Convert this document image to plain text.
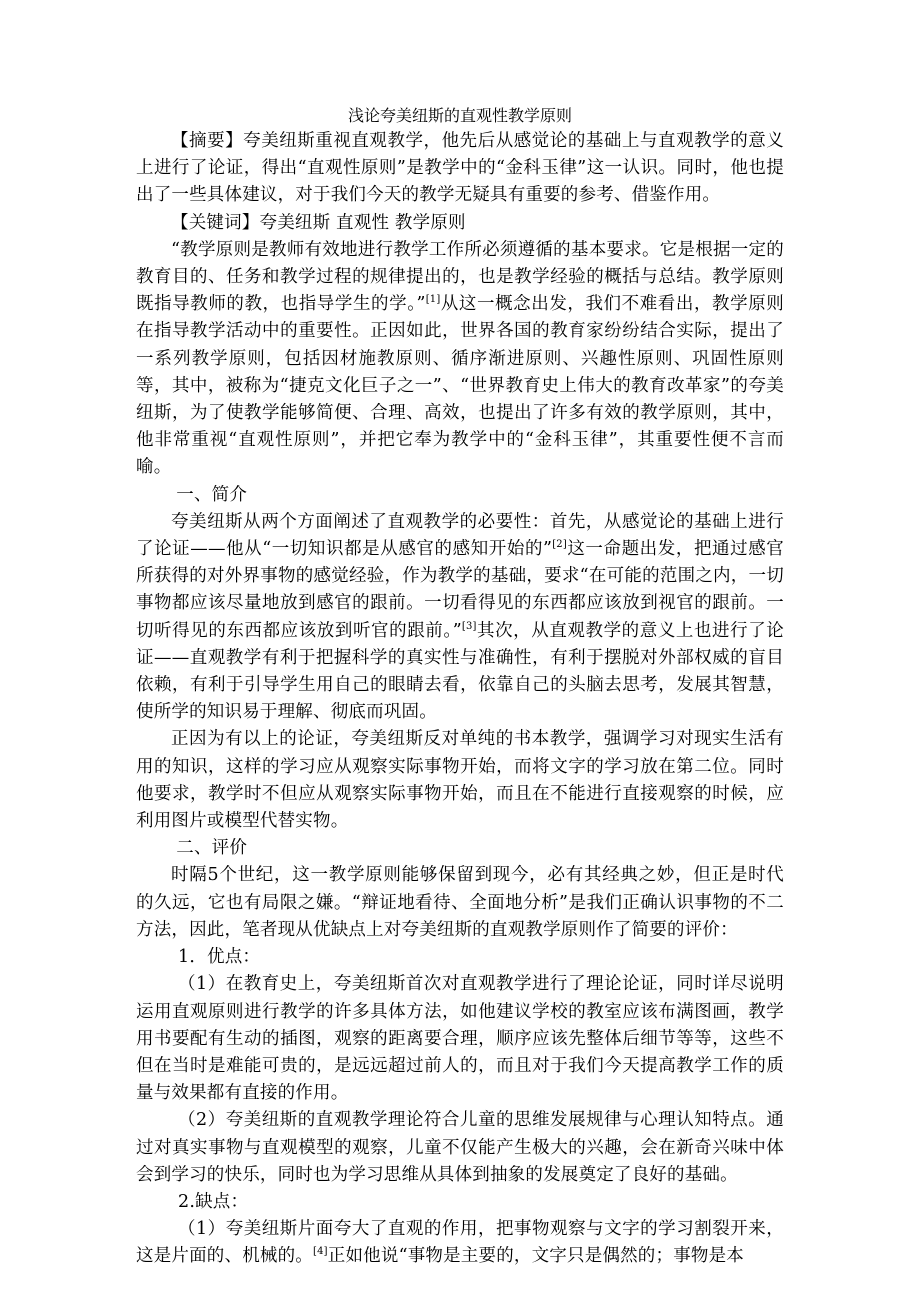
浅论夸美纽斯的直观性教学原则

【摘要】夸美纽斯重视直观教学，他先后从感觉论的基础上与直观教学的意义上进行了论证，得出“直观性原则”是教学中的“金科玉律”这一认识。同时，他也提出了一些具体建议，对于我们今天的教学无疑具有重要的参考、借鉴作用。

【关键词】夸美纽斯 直观性 教学原则

“教学原则是教师有效地进行教学工作所必须遵循的基本要求。它是根据一定的教育目的、任务和教学过程的规律提出的，也是教学经验的概括与总结。教学原则既指导教师的教，也指导学生的学。”[1]从这一概念出发，我们不难看出，教学原则在指导教学活动中的重要性。正因如此，世界各国的教育家纷纷结合实际，提出了一系列教学原则，包括因材施教原则、循序渐进原则、兴趣性原则、巩固性原则等，其中，被称为“捷克文化巨子之一”、“世界教育史上伟大的教育改革家”的夸美纽斯，为了使教学能够简便、合理、高效，也提出了许多有效的教学原则，其中，他非常重视“直观性原则”，并把它奉为教学中的“金科玉律”，其重要性便不言而喻。

一、简介

夸美纽斯从两个方面阐述了直观教学的必要性：首先，从感觉论的基础上进行了论证——他从“一切知识都是从感官的感知开始的”[2]这一命题出发，把通过感官所获得的对外界事物的感觉经验，作为教学的基础，要求“在可能的范围之内，一切事物都应该尽量地放到感官的跟前。一切看得见的东西都应该放到视官的跟前。一切听得见的东西都应该放到听官的跟前。”[3]其次，从直观教学的意义上也进行了论证——直观教学有利于把握科学的真实性与准确性，有利于摆脱对外部权威的盲目依赖，有利于引导学生用自己的眼睛去看，依靠自己的头脑去思考，发展其智慧，使所学的知识易于理解、彻底而巩固。

正因为有以上的论证，夸美纽斯反对单纯的书本教学，强调学习对现实生活有用的知识，这样的学习应从观察实际事物开始，而将文字的学习放在第二位。同时他要求，教学时不但应从观察实际事物开始，而且在不能进行直接观察的时候，应利用图片或模型代替实物。

二、评价

时隔5个世纪，这一教学原则能够保留到现今，必有其经典之妙，但正是时代的久远，它也有局限之嫌。“辩证地看待、全面地分析”是我们正确认识事物的不二方法，因此，笔者现从优缺点上对夸美纽斯的直观教学原则作了简要的评价：

1．优点：

（1）在教育史上，夸美纽斯首次对直观教学进行了理论论证，同时详尽说明运用直观原则进行教学的许多具体方法，如他建议学校的教室应该布满图画，教学用书要配有生动的插图，观察的距离要合理，顺序应该先整体后细节等等，这些不但在当时是难能可贵的，是远远超过前人的，而且对于我们今天提高教学工作的质量与效果都有直接的作用。

（2）夸美纽斯的直观教学理论符合儿童的思维发展规律与心理认知特点。通过对真实事物与直观模型的观察，儿童不仅能产生极大的兴趣，会在新奇兴味中体会到学习的快乐，同时也为学习思维从具体到抽象的发展奠定了良好的基础。

2.缺点：

（1）夸美纽斯片面夸大了直观的作用，把事物观察与文字的学习割裂开来，这是片面的、机械的。[4]正如他说“事物是主要的，文字只是偶然的；事物是本
